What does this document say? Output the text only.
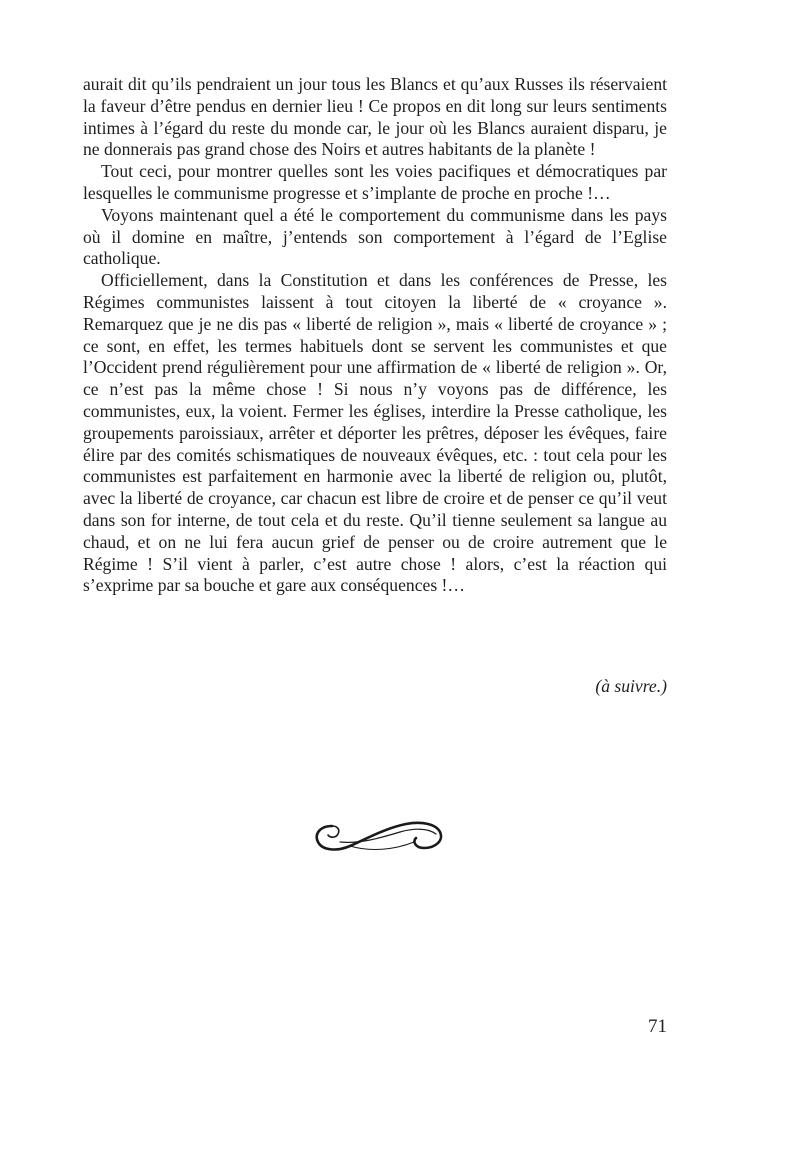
aurait dit qu’ils pendraient un jour tous les Blancs et qu’aux Russes ils réservaient la faveur d’être pendus en dernier lieu ! Ce propos en dit long sur leurs sentiments intimes à l’égard du reste du monde car, le jour où les Blancs auraient disparu, je ne donnerais pas grand chose des Noirs et autres habitants de la planète !

Tout ceci, pour montrer quelles sont les voies pacifiques et démocratiques par lesquelles le communisme progresse et s’implante de proche en proche !…

Voyons maintenant quel a été le comportement du communisme dans les pays où il domine en maître, j’entends son comportement à l’égard de l’Eglise catholique.

Officiellement, dans la Constitution et dans les conférences de Presse, les Régimes communistes laissent à tout citoyen la liberté de « croyance ». Remarquez que je ne dis pas « liberté de religion », mais « liberté de croyance » ; ce sont, en effet, les termes habituels dont se servent les communistes et que l’Occident prend régulièrement pour une affirmation de « liberté de religion ». Or, ce n’est pas la même chose ! Si nous n’y voyons pas de différence, les communistes, eux, la voient. Fermer les églises, interdire la Presse catholique, les groupements paroissiaux, arrêter et déporter les prêtres, déposer les évêques, faire élire par des comités schismatiques de nouveaux évêques, etc. : tout cela pour les communistes est parfaitement en harmonie avec la liberté de religion ou, plutôt, avec la liberté de croyance, car chacun est libre de croire et de penser ce qu’il veut dans son for interne, de tout cela et du reste. Qu’il tienne seulement sa langue au chaud, et on ne lui fera aucun grief de penser ou de croire autrement que le Régime ! S’il vient à parler, c’est autre chose ! alors, c’est la réaction qui s’exprime par sa bouche et gare aux conséquences !…

(à suivre.)
71
